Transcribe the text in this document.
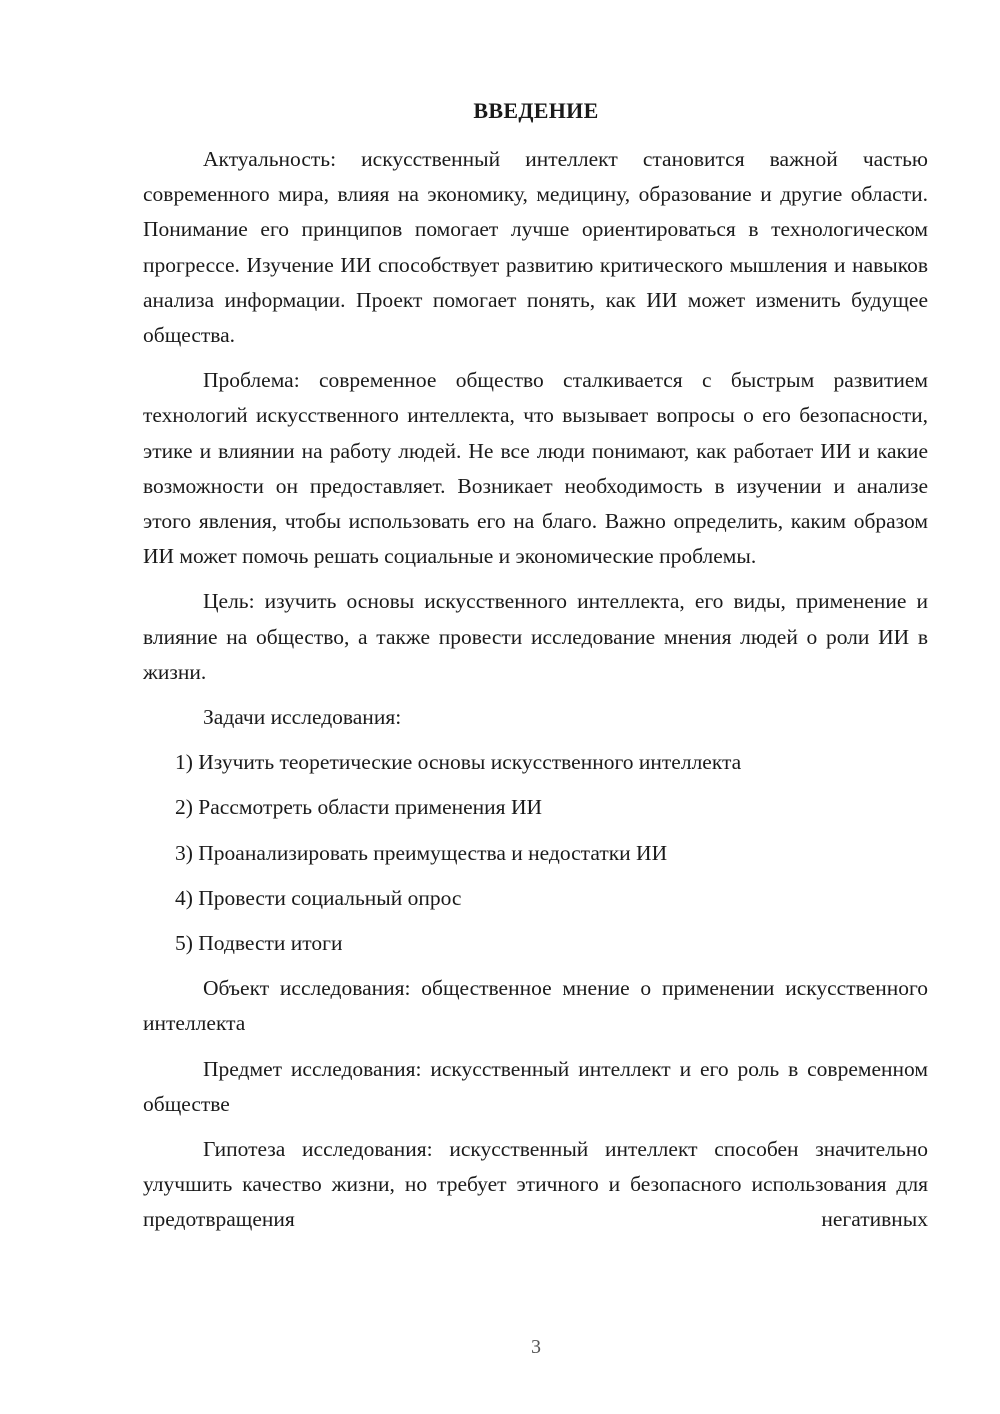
ВВЕДЕНИЕ

Актуальность: искусственный интеллект становится важной частью современного мира, влияя на экономику, медицину, образование и другие области. Понимание его принципов помогает лучше ориентироваться в технологическом прогрессе. Изучение ИИ способствует развитию критического мышления и навыков анализа информации. Проект помогает понять, как ИИ может изменить будущее общества.

Проблема: современное общество сталкивается с быстрым развитием технологий искусственного интеллекта, что вызывает вопросы о его безопасности, этике и влиянии на работу людей. Не все люди понимают, как работает ИИ и какие возможности он предоставляет. Возникает необходимость в изучении и анализе этого явления, чтобы использовать его на благо. Важно определить, каким образом ИИ может помочь решать социальные и экономические проблемы.

Цель: изучить основы искусственного интеллекта, его виды, применение и влияние на общество, а также провести исследование мнения людей о роли ИИ в жизни.

Задачи исследования:

1) Изучить теоретические основы искусственного интеллекта

2) Рассмотреть области применения ИИ

3) Проанализировать преимущества и недостатки ИИ

4) Провести социальный опрос

5) Подвести итоги

Объект исследования: общественное мнение о применении искусственного интеллекта

Предмет исследования: искусственный интеллект и его роль в современном обществе

Гипотеза исследования: искусственный интеллект способен значительно улучшить качество жизни, но требует этичного и безопасного использования для предотвращения негативных

3
